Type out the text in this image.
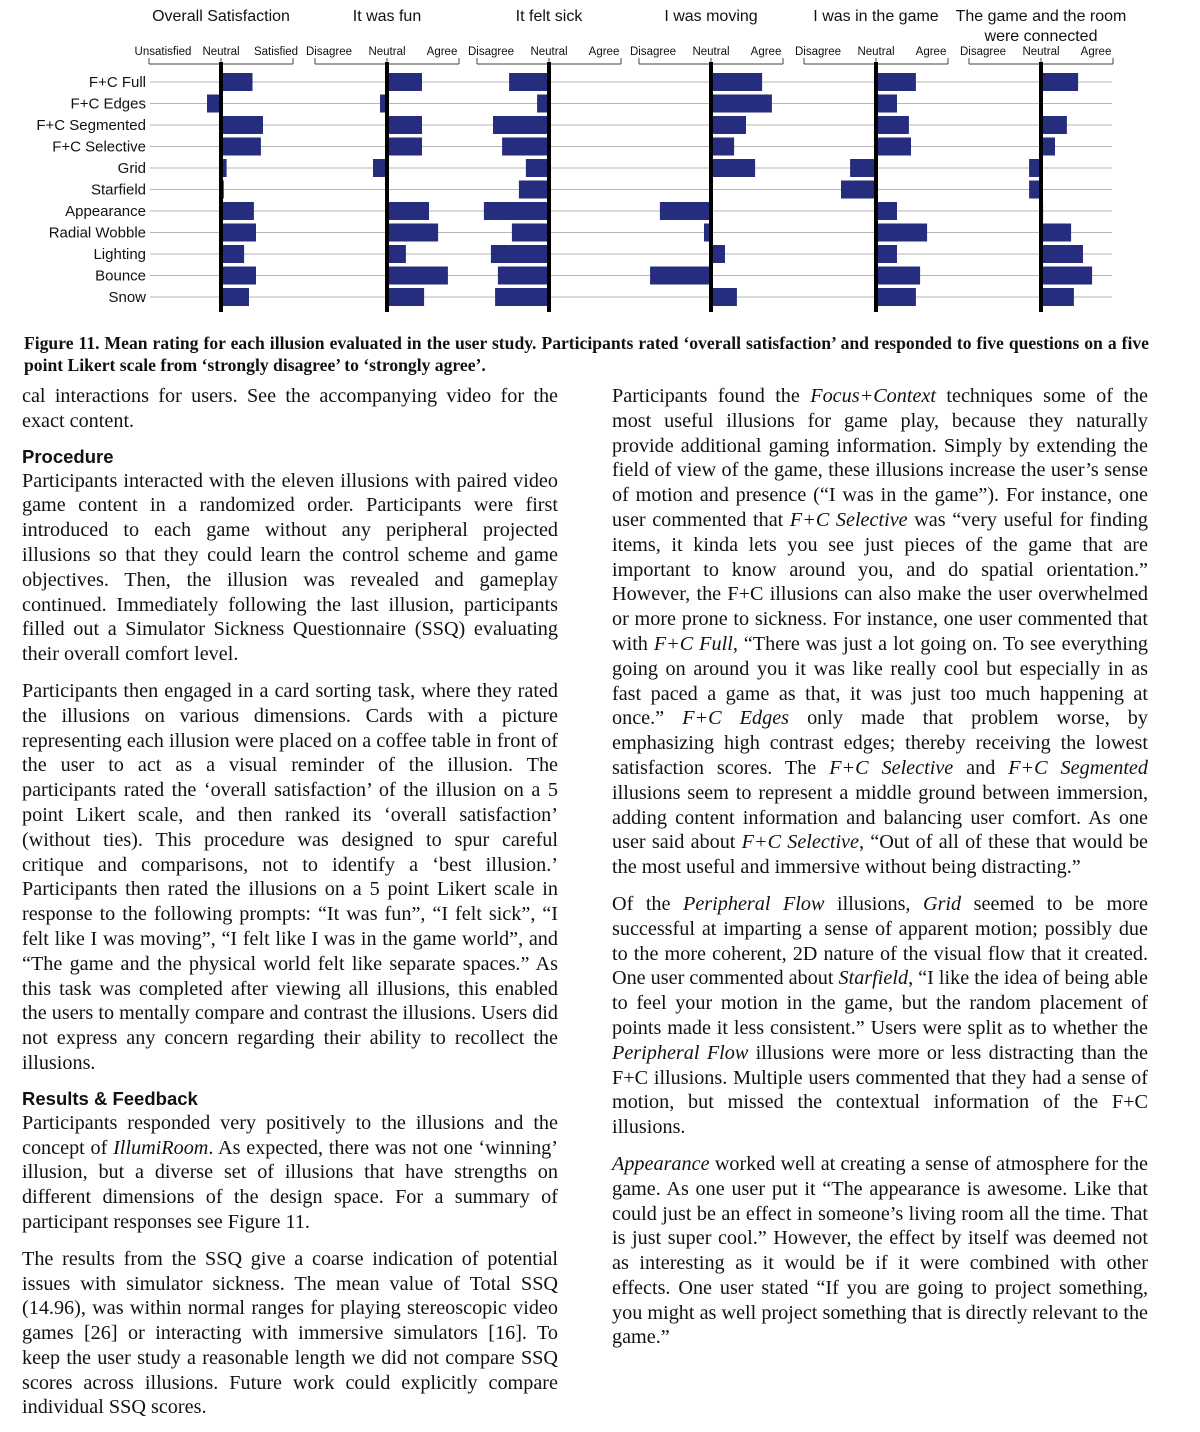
F+C Full
F+C Edges
F+C Segmented
F+C Selective
Grid
Starfield
Appearance
Radial Wobble
Lighting
Bounce
Snow
Overall Satisfaction
Unsatisfied Neutral Satisfied
It was fun
Disagree Neutral Agree
It felt sick
Disagree Neutral Agree
I was moving
Disagree Neutral Agree
I was in the game
Disagree Neutral Agree
The game and the room
were connected
Disagree Neutral Agree
Figure 11. Mean rating for each illusion evaluated in the user study. Participants rated ‘overall satisfaction’ and responded to five questions on a five point Likert scale from ‘strongly disagree’ to ‘strongly agree’.

cal interactions for users. See the accompanying video for the exact content.

Procedure

Participants interacted with the eleven illusions with paired video game content in a randomized order. Participants were first introduced to each game without any peripheral projected illusions so that they could learn the control scheme and game objectives. Then, the illusion was revealed and gameplay continued. Immediately following the last illusion, participants filled out a Simulator Sickness Questionnaire (SSQ) evaluating their overall comfort level.

Participants then engaged in a card sorting task, where they rated the illusions on various dimensions. Cards with a picture representing each illusion were placed on a coffee table in front of the user to act as a visual reminder of the illusion. The participants rated the ‘overall satisfaction’ of the illusion on a 5 point Likert scale, and then ranked its ‘overall satisfaction’ (without ties). This procedure was designed to spur careful critique and comparisons, not to identify a ‘best illusion.’ Participants then rated the illusions on a 5 point Likert scale in response to the following prompts: “It was fun”, “I felt sick”, “I felt like I was moving”, “I felt like I was in the game world”, and “The game and the physical world felt like separate spaces.” As this task was completed after viewing all illusions, this enabled the users to mentally compare and contrast the illusions. Users did not express any concern regarding their ability to recollect the illusions.

Results & Feedback

Participants responded very positively to the illusions and the concept of IllumiRoom. As expected, there was not one ‘winning’ illusion, but a diverse set of illusions that have strengths on different dimensions of the design space. For a summary of participant responses see Figure 11.

The results from the SSQ give a coarse indication of potential issues with simulator sickness. The mean value of Total SSQ (14.96), was within normal ranges for playing stereoscopic video games [26] or interacting with immersive simulators [16]. To keep the user study a reasonable length we did not compare SSQ scores across illusions. Future work could explicitly compare individual SSQ scores.

Participants found the Focus+Context techniques some of the most useful illusions for game play, because they naturally provide additional gaming information. Simply by extending the field of view of the game, these illusions increase the user’s sense of motion and presence (“I was in the game”). For instance, one user commented that F+C Selective was “very useful for finding items, it kinda lets you see just pieces of the game that are important to know around you, and do spatial orientation.” However, the F+C illusions can also make the user overwhelmed or more prone to sickness. For instance, one user commented that with F+C Full, “There was just a lot going on. To see everything going on around you it was like really cool but especially in as fast paced a game as that, it was just too much happening at once.” F+C Edges only made that problem worse, by emphasizing high contrast edges; thereby receiving the lowest satisfaction scores. The F+C Selective and F+C Segmented illusions seem to represent a middle ground between immersion, adding content information and balancing user comfort. As one user said about F+C Selective, “Out of all of these that would be the most useful and immersive without being distracting.”

Of the Peripheral Flow illusions, Grid seemed to be more successful at imparting a sense of apparent motion; possibly due to the more coherent, 2D nature of the visual flow that it created. One user commented about Starfield, “I like the idea of being able to feel your motion in the game, but the random placement of points made it less consistent.” Users were split as to whether the Peripheral Flow illusions were more or less distracting than the F+C illusions. Multiple users commented that they had a sense of motion, but missed the contextual information of the F+C illusions.

Appearance worked well at creating a sense of atmosphere for the game. As one user put it “The appearance is awesome. Like that could just be an effect in someone’s living room all the time. That is just super cool.” However, the effect by itself was deemed not as interesting as it would be if it were combined with other effects. One user stated “If you are going to project something, you might as well project something that is directly relevant to the game.”
